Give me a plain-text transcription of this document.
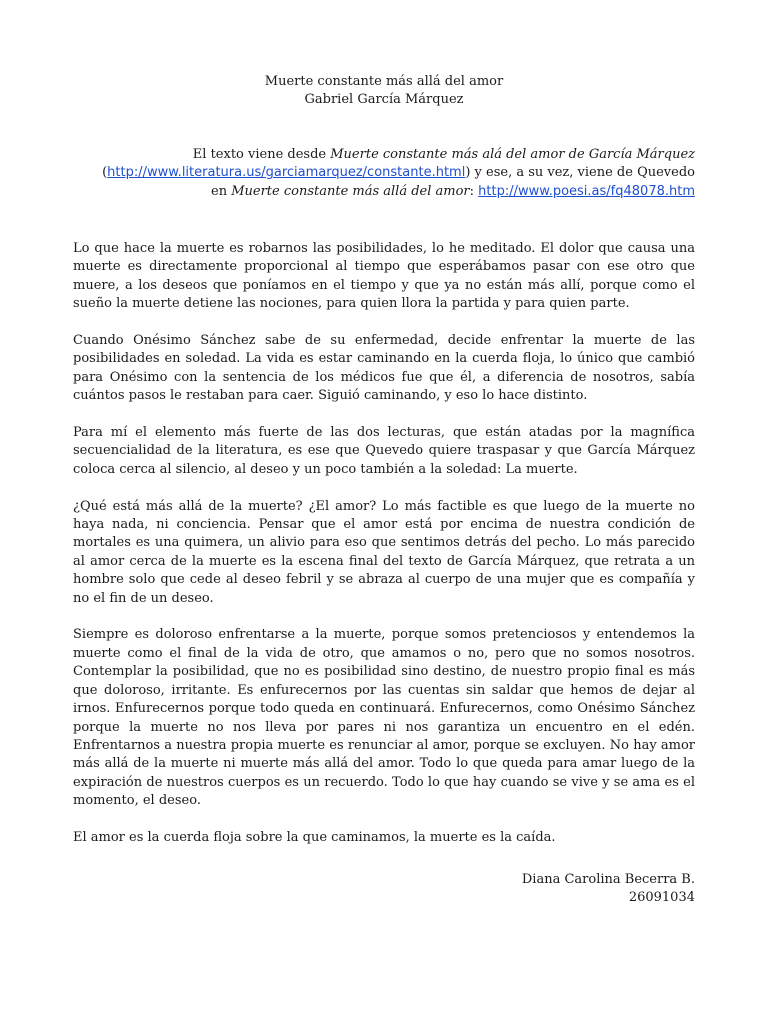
Muerte constante más allá del amor
Gabriel García Márquez
El texto viene desde Muerte constante más alá del amor de García Márquez
(http://www.literatura.us/garciamarquez/constante.html) y ese, a su vez, viene de Quevedo
en Muerte constante más allá del amor: http://www.poesi.as/fq48078.htm

Lo que hace la muerte es robarnos las posibilidades, lo he meditado. El dolor que causa una muerte es directamente proporcional al tiempo que esperábamos pasar con ese otro que muere, a los deseos que poníamos en el tiempo y que ya no están más allí, porque como el sueño la muerte detiene las nociones, para quien llora la partida y para quien parte.

Cuando Onésimo Sánchez sabe de su enfermedad, decide enfrentar la muerte de las posibilidades en soledad. La vida es estar caminando en la cuerda floja, lo único que cambió para Onésimo con la sentencia de los médicos fue que él, a diferencia de nosotros, sabía cuántos pasos le restaban para caer. Siguió caminando, y eso lo hace distinto.

Para mí el elemento más fuerte de las dos lecturas, que están atadas por la magnífica secuencialidad de la literatura, es ese que Quevedo quiere traspasar y que García Márquez coloca cerca al silencio, al deseo y un poco también a la soledad: La muerte.

¿Qué está más allá de la muerte? ¿El amor? Lo más factible es que luego de la muerte no haya nada, ni conciencia. Pensar que el amor está por encima de nuestra condición de mortales es una quimera, un alivio para eso que sentimos detrás del pecho. Lo más parecido al amor cerca de la muerte es la escena final del texto de García Márquez, que retrata a un hombre solo que cede al deseo febril y se abraza al cuerpo de una mujer que es compañía y no el fin de un deseo.

Siempre es doloroso enfrentarse a la muerte, porque somos pretenciosos y entendemos la muerte como el final de la vida de otro, que amamos o no, pero que no somos nosotros. Contemplar la posibilidad, que no es posibilidad sino destino, de nuestro propio final es más que doloroso, irritante. Es enfurecernos por las cuentas sin saldar que hemos de dejar al irnos. Enfurecernos porque todo queda en continuará. Enfurecernos, como Onésimo Sánchez porque la muerte no nos lleva por pares ni nos garantiza un encuentro en el edén. Enfrentarnos a nuestra propia muerte es renunciar al amor, porque se excluyen. No hay amor más allá de la muerte ni muerte más allá del amor. Todo lo que queda para amar luego de la expiración de nuestros cuerpos es un recuerdo. Todo lo que hay cuando se vive y se ama es el momento, el deseo.

El amor es la cuerda floja sobre la que caminamos, la muerte es la caída.

Diana Carolina Becerra B.
26091034
